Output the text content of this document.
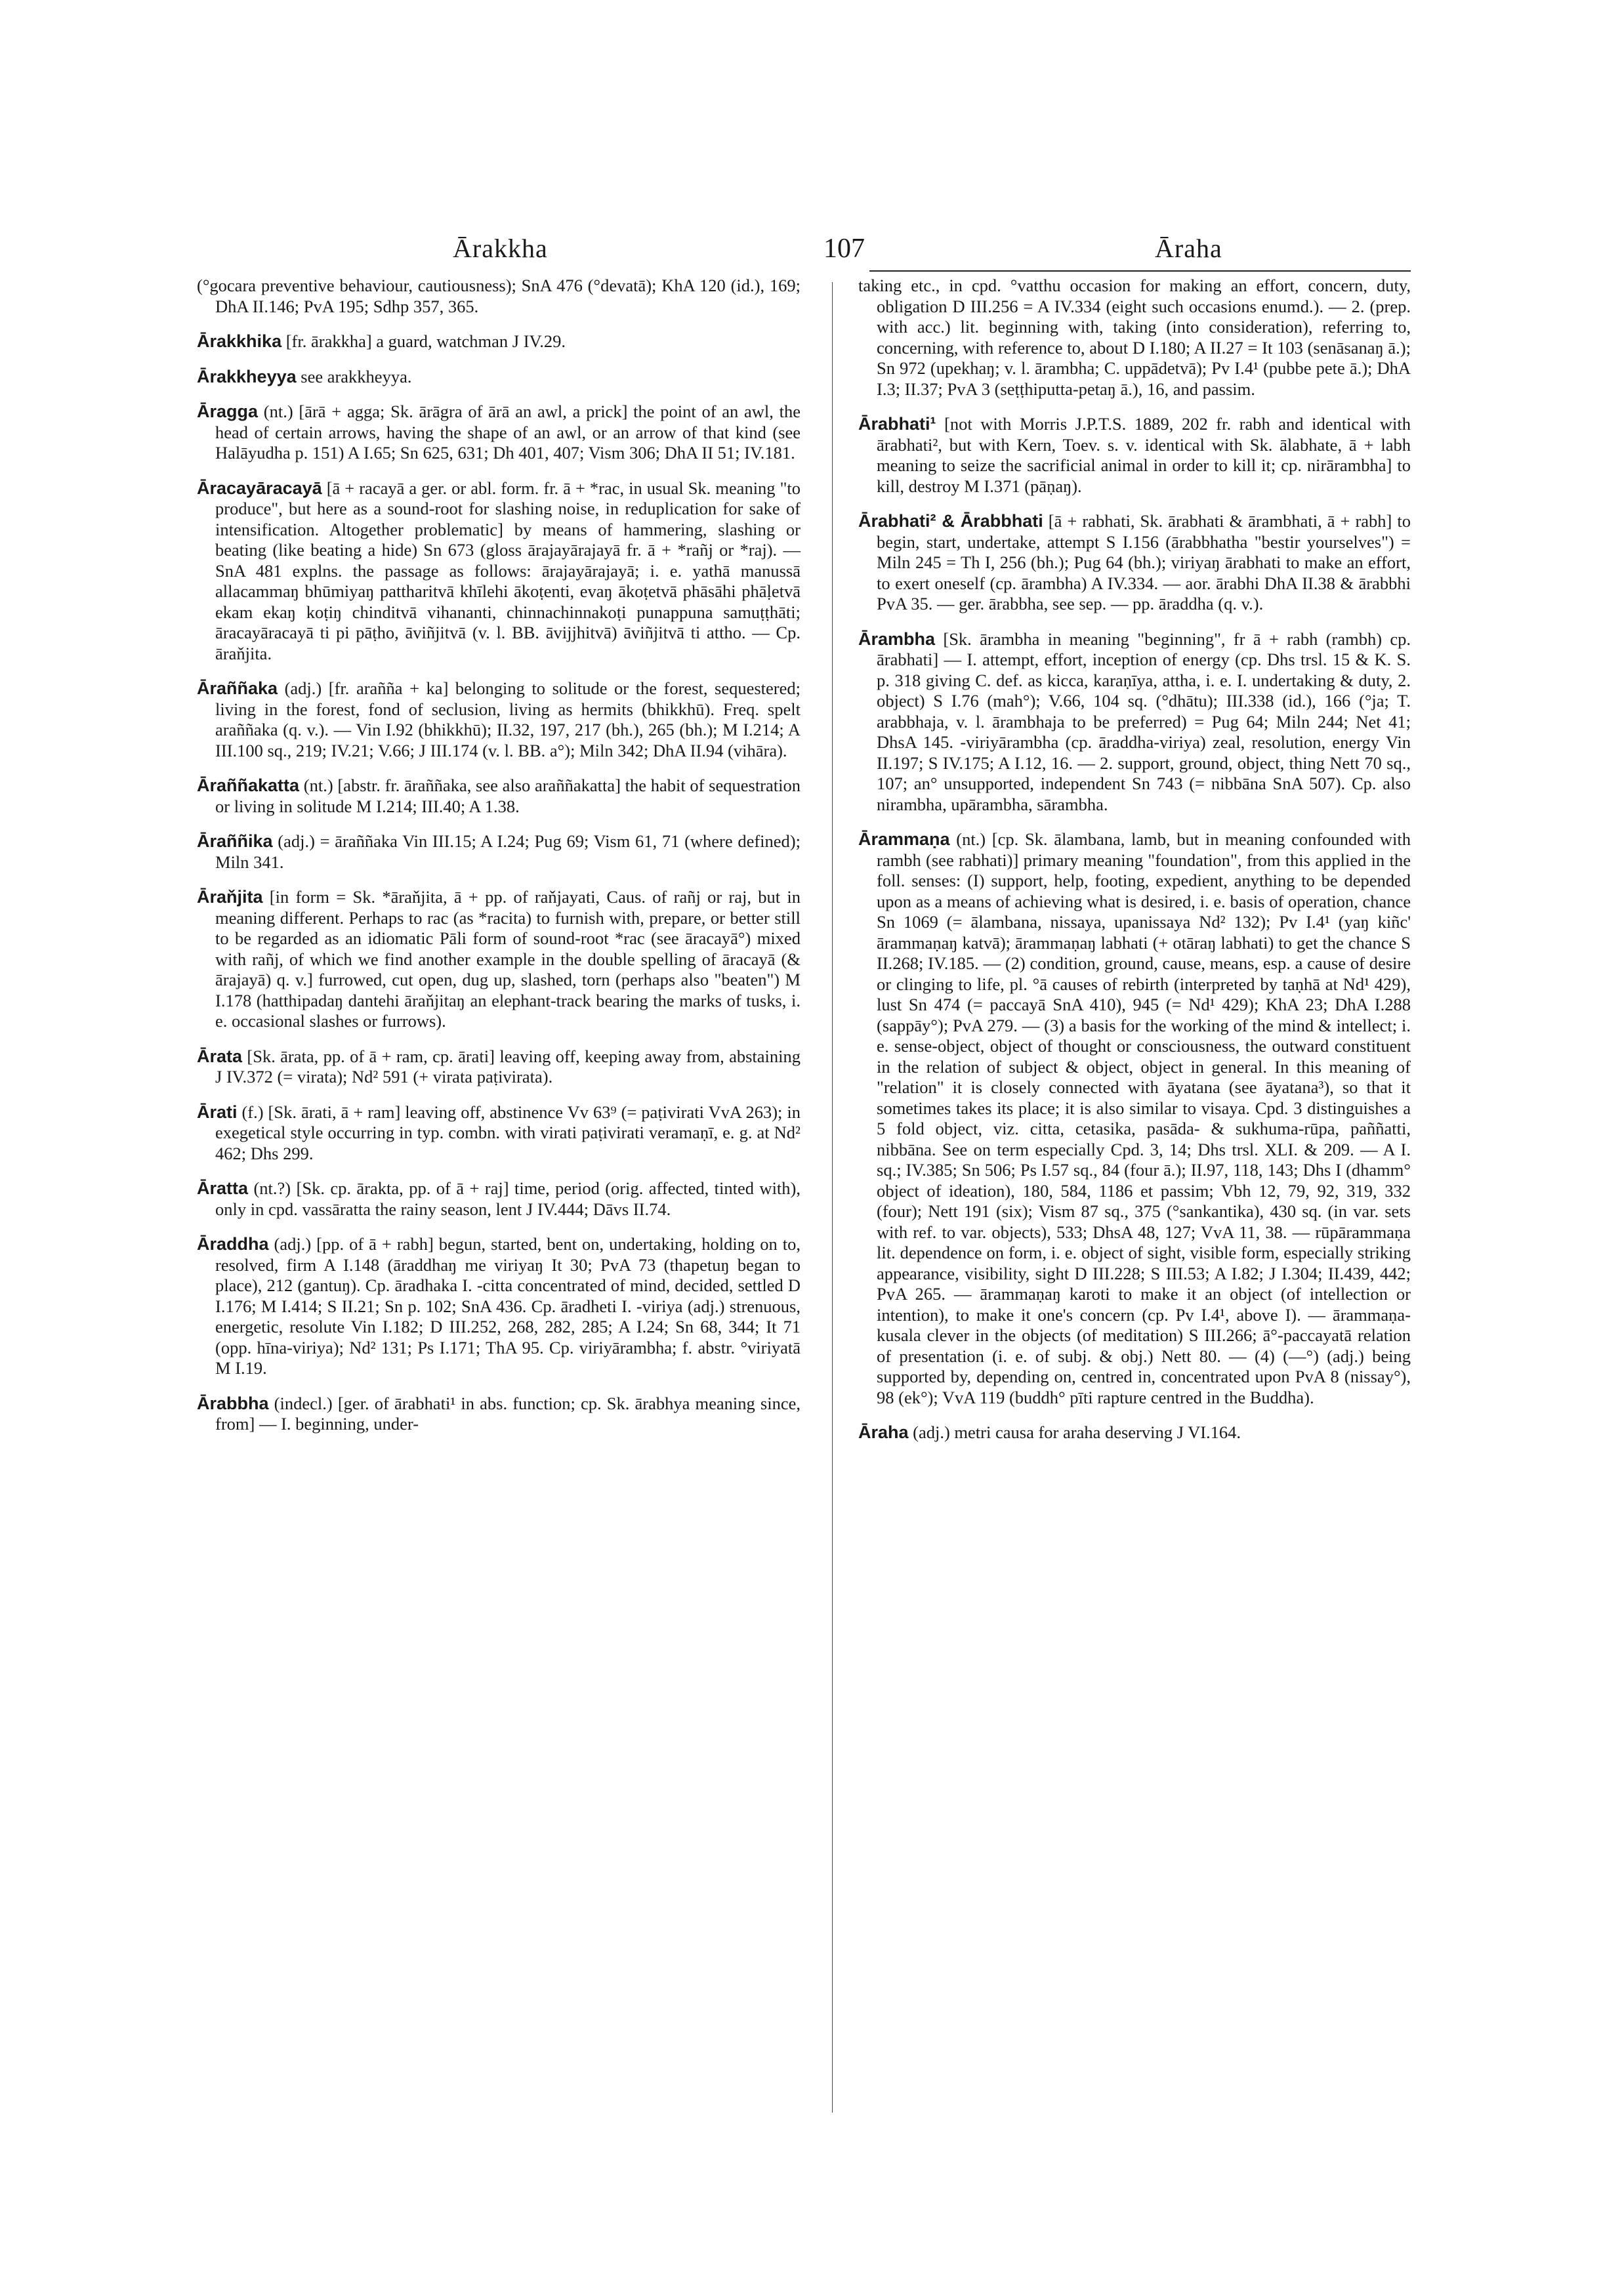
Ārakkha	107	Āraha

(°gocara preventive behaviour, cautiousness); SnA 476 (°devatā); KhA 120 (id.), 169; DhA II.146; PvA 195; Sdhp 357, 365.

Ārakkhika [fr. ārakkha] a guard, watchman J IV.29.

Ārakkheyya see arakkheyya.

Āragga (nt.) [ārā + agga; Sk. ārāgra of ārā an awl, a prick] the point of an awl, the head of certain arrows, having the shape of an awl, or an arrow of that kind (see Halāyudha p. 151) A I.65; Sn 625, 631; Dh 401, 407; Vism 306; DhA II 51; IV.181.

Āracayāracayā [ā + racayā a ger. or abl. form. fr. ā + *rac, in usual Sk. meaning "to produce", but here as a sound-root for slashing noise, in reduplication for sake of intensification. Altogether problematic] by means of hammering, slashing or beating (like beating a hide) Sn 673 (gloss ārajayārajayā fr. ā + *rañj or *raj). — SnA 481 explns. the passage as follows: ārajayārajayā; i. e. yathā manussā allacammaŋ bhūmiyaŋ pattharitvā khīlehi ākoṭenti, evaŋ ākoṭetvā phāsāhi phāḷetvā ekam ekaŋ koṭiŋ chinditvā vihananti, chinnachinnakoṭi punappuna samuṭṭhāti; āracayāracayā ti pi pāṭho, āviñjitvā (v. l. BB. āvijjhitvā) āviñjitvā ti attho. — Cp. āraňjita.

Āraññaka (adj.) [fr. arañña + ka] belonging to solitude or the forest, sequestered; living in the forest, fond of seclusion, living as hermits (bhikkhū). Freq. spelt araññaka (q. v.). — Vin I.92 (bhikkhū); II.32, 197, 217 (bh.), 265 (bh.); M I.214; A III.100 sq., 219; IV.21; V.66; J III.174 (v. l. BB. a°); Miln 342; DhA II.94 (vihāra).

Āraññakatta (nt.) [abstr. fr. āraññaka, see also araññakatta] the habit of sequestration or living in solitude M I.214; III.40; A 1.38.

Āraññika (adj.) = āraññaka Vin III.15; A I.24; Pug 69; Vism 61, 71 (where defined); Miln 341.

Āraňjita [in form = Sk. *āraňjita, ā + pp. of raňjayati, Caus. of rañj or raj, but in meaning different. Perhaps to rac (as *racita) to furnish with, prepare, or better still to be regarded as an idiomatic Pāli form of sound-root *rac (see āracayā°) mixed with rañj, of which we find another example in the double spelling of āracayā (& ārajayā) q. v.] furrowed, cut open, dug up, slashed, torn (perhaps also "beaten") M I.178 (hatthipadaŋ dantehi āraňjitaŋ an elephant-track bearing the marks of tusks, i. e. occasional slashes or furrows).

Ārata [Sk. ārata, pp. of ā + ram, cp. ārati] leaving off, keeping away from, abstaining J IV.372 (= virata); Nd² 591 (+ virata paṭivirata).

Ārati (f.) [Sk. ārati, ā + ram] leaving off, abstinence Vv 63⁹ (= paṭivirati VvA 263); in exegetical style occurring in typ. combn. with virati paṭivirati veramaṇī, e. g. at Nd² 462; Dhs 299.

Āratta (nt.?) [Sk. cp. ārakta, pp. of ā + raj] time, period (orig. affected, tinted with), only in cpd. vassāratta the rainy season, lent J IV.444; Dāvs II.74.

Āraddha (adj.) [pp. of ā + rabh] begun, started, bent on, undertaking, holding on to, resolved, firm A I.148 (āraddhaŋ me viriyaŋ It 30; PvA 73 (thapetuŋ began to place), 212 (gantuŋ). Cp. āradhaka I. -citta concentrated of mind, decided, settled D I.176; M I.414; S II.21; Sn p. 102; SnA 436. Cp. āradheti I. -viriya (adj.) strenuous, energetic, resolute Vin I.182; D III.252, 268, 282, 285; A I.24; Sn 68, 344; It 71 (opp. hīna-viriya); Nd² 131; Ps I.171; ThA 95. Cp. viriyārambha; f. abstr. °viriyatā M I.19.

Ārabbha (indecl.) [ger. of ārabhati¹ in abs. function; cp. Sk. ārabhya meaning since, from] — I. beginning, under-

taking etc., in cpd. °vatthu occasion for making an effort, concern, duty, obligation D III.256 = A IV.334 (eight such occasions enumd.). — 2. (prep. with acc.) lit. beginning with, taking (into consideration), referring to, concerning, with reference to, about D I.180; A II.27 = It 103 (senāsanaŋ ā.); Sn 972 (upekhaŋ; v. l. ārambha; C. uppādetvā); Pv I.4¹ (pubbe pete ā.); DhA I.3; II.37; PvA 3 (seṭṭhiputta-petaŋ ā.), 16, and passim.

Ārabhati¹ [not with Morris J.P.T.S. 1889, 202 fr. rabh and identical with ārabhati², but with Kern, Toev. s. v. identical with Sk. ālabhate, ā + labh meaning to seize the sacrificial animal in order to kill it; cp. nirārambha] to kill, destroy M I.371 (pāṇaŋ).

Ārabhati² & Ārabbhati [ā + rabhati, Sk. ārabhati & ārambhati, ā + rabh] to begin, start, undertake, attempt S I.156 (ārabbhatha "bestir yourselves") = Miln 245 = Th I, 256 (bh.); Pug 64 (bh.); viriyaŋ ārabhati to make an effort, to exert oneself (cp. ārambha) A IV.334. — aor. ārabhi DhA II.38 & ārabbhi PvA 35. — ger. ārabbha, see sep. — pp. āraddha (q. v.).

Ārambha [Sk. ārambha in meaning "beginning", fr ā + rabh (rambh) cp. ārabhati] — I. attempt, effort, inception of energy (cp. Dhs trsl. 15 & K. S. p. 318 giving C. def. as kicca, karaṇīya, attha, i. e. I. undertaking & duty, 2. object) S I.76 (mah°); V.66, 104 sq. (°dhātu); III.338 (id.), 166 (°ja; T. arabbhaja, v. l. ārambhaja to be preferred) = Pug 64; Miln 244; Net 41; DhsA 145. -viriyārambha (cp. āraddha-viriya) zeal, resolution, energy Vin II.197; S IV.175; A I.12, 16. — 2. support, ground, object, thing Nett 70 sq., 107; an° unsupported, independent Sn 743 (= nibbāna SnA 507). Cp. also nirambha, upārambha, sārambha.

Ārammaṇa (nt.) [cp. Sk. ālambana, lamb, but in meaning confounded with rambh (see rabhati)] primary meaning "foundation", from this applied in the foll. senses: (I) support, help, footing, expedient, anything to be depended upon as a means of achieving what is desired, i. e. basis of operation, chance Sn 1069 (= ālambana, nissaya, upanissaya Nd² 132); Pv I.4¹ (yaŋ kiñc' ārammaṇaŋ katvā); ārammaṇaŋ labhati (+ otāraŋ labhati) to get the chance S II.268; IV.185. — (2) condition, ground, cause, means, esp. a cause of desire or clinging to life, pl. °ā causes of rebirth (interpreted by taṇhā at Nd¹ 429), lust Sn 474 (= paccayā SnA 410), 945 (= Nd¹ 429); KhA 23; DhA I.288 (sappāy°); PvA 279. — (3) a basis for the working of the mind & intellect; i. e. sense-object, object of thought or consciousness, the outward constituent in the relation of subject & object, object in general. In this meaning of "relation" it is closely connected with āyatana (see āyatana³), so that it sometimes takes its place; it is also similar to visaya. Cpd. 3 distinguishes a 5 fold object, viz. citta, cetasika, pasāda- & sukhuma-rūpa, paññatti, nibbāna. See on term especially Cpd. 3, 14; Dhs trsl. XLI. & 209. — A I. sq.; IV.385; Sn 506; Ps I.57 sq., 84 (four ā.); II.97, 118, 143; Dhs I (dhamm° object of ideation), 180, 584, 1186 et passim; Vbh 12, 79, 92, 319, 332 (four); Nett 191 (six); Vism 87 sq., 375 (°sankantika), 430 sq. (in var. sets with ref. to var. objects), 533; DhsA 48, 127; VvA 11, 38. — rūpārammaṇa lit. dependence on form, i. e. object of sight, visible form, especially striking appearance, visibility, sight D III.228; S III.53; A I.82; J I.304; II.439, 442; PvA 265. — ārammaṇaŋ karoti to make it an object (of intellection or intention), to make it one's concern (cp. Pv I.4¹, above I). — ārammaṇa-kusala clever in the objects (of meditation) S III.266; ā°-paccayatā relation of presentation (i. e. of subj. & obj.) Nett 80. — (4) (—°) (adj.) being supported by, depending on, centred in, concentrated upon PvA 8 (nissay°), 98 (ek°); VvA 119 (buddh° pīti rapture centred in the Buddha).

Āraha (adj.) metri causa for araha deserving J VI.164.
